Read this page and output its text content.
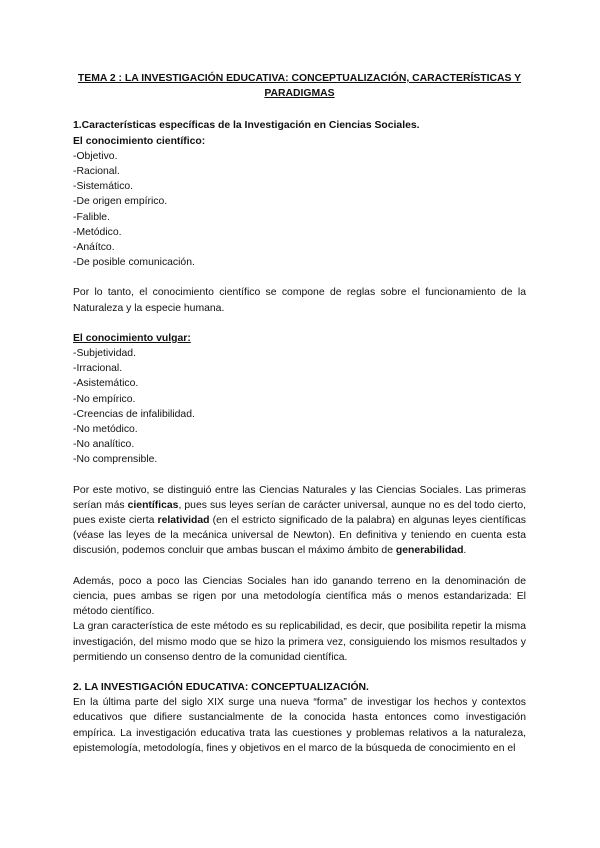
TEMA 2 : LA INVESTIGACIÓN EDUCATIVA: CONCEPTUALIZACIÓN, CARACTERÍSTICAS Y PARADIGMAS

1.Características específicas de la Investigación en Ciencias Sociales.

El conocimiento científico:

-Objetivo.

-Racional.

-Sistemático.

-De origen empírico.

-Falible.

-Metódico.

-Anáítco.

-De posible comunicación.

Por lo tanto, el conocimiento científico se compone de reglas sobre el funcionamiento de la Naturaleza y la especie humana.

El conocimiento vulgar:

-Subjetividad.

-Irracional.

-Asistemático.

-No empírico.

-Creencias de infalibilidad.

-No metódico.

-No analítico.

-No comprensible.

Por este motivo, se distinguió entre las Ciencias Naturales y las Ciencias Sociales. Las primeras serían más científicas, pues sus leyes serían de carácter universal, aunque no es del todo cierto, pues existe cierta relatividad (en el estricto significado de la palabra) en algunas leyes científicas (véase las leyes de la mecánica universal de Newton). En definitiva y teniendo en cuenta esta discusión, podemos concluir que ambas buscan el máximo ámbito de generabilidad.

Además, poco a poco las Ciencias Sociales han ido ganando terreno en la denominación de ciencia, pues ambas se rigen por una metodología científica más o menos estandarizada: El método científico.

La gran característica de este método es su replicabilidad, es decir, que posibilita repetir la misma investigación, del mismo modo que se hizo la primera vez, consiguiendo los mismos resultados y permitiendo un consenso dentro de la comunidad científica.

2. LA INVESTIGACIÓN EDUCATIVA: CONCEPTUALIZACIÓN.

En la última parte del siglo XIX surge una nueva “forma” de investigar los hechos y contextos educativos que difiere sustancialmente de la conocida hasta entonces como investigación empírica. La investigación educativa trata las cuestiones y problemas relativos a la naturaleza, epistemología, metodología, fines y objetivos en el marco de la búsqueda de conocimiento en el
